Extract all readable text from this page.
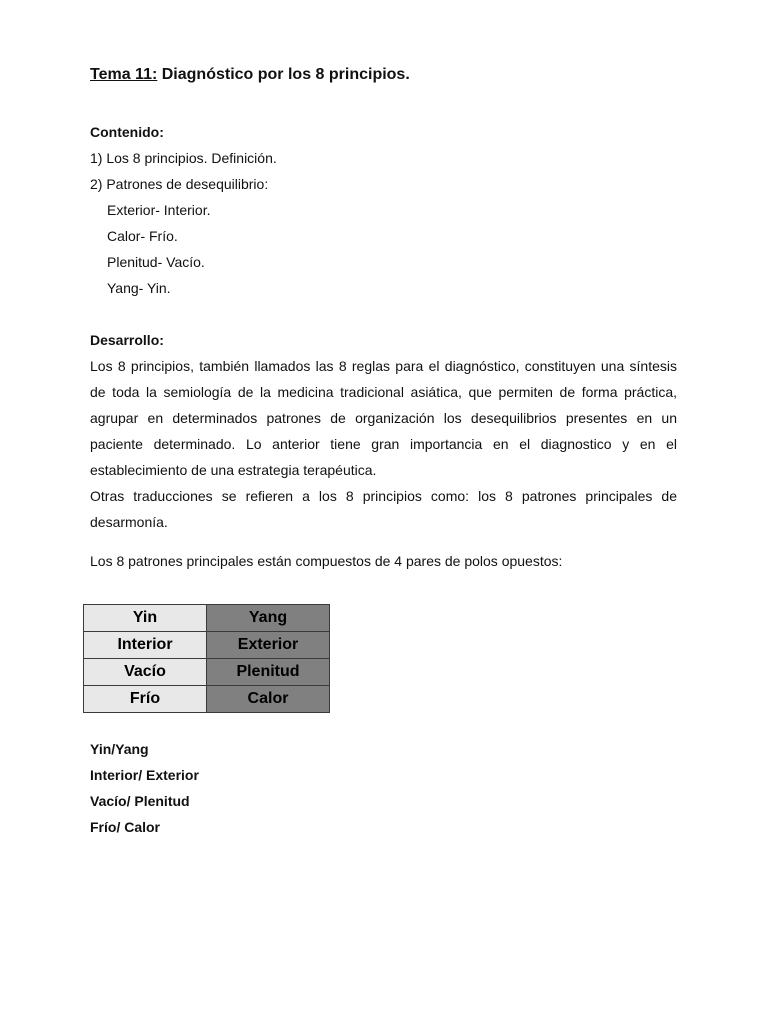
Tema 11: Diagnóstico por los 8 principios.
Contenido:
1) Los 8 principios. Definición.
2) Patrones de desequilibrio:
Exterior- Interior.
Calor- Frío.
Plenitud- Vacío.
Yang- Yin.
Desarrollo:
Los 8 principios, también llamados las 8 reglas para el diagnóstico, constituyen una síntesis de toda la semiología de la medicina tradicional asiática, que permiten de forma práctica, agrupar en determinados patrones de organización los desequilibrios presentes en un paciente determinado. Lo anterior tiene gran importancia en el diagnostico y en el establecimiento de una estrategia terapéutica.
Otras traducciones se refieren a los 8 principios como: los 8 patrones principales de desarmonía.
Los 8 patrones principales están compuestos de 4 pares de polos opuestos:
Yin	Yang
Interior	Exterior
Vacío	Plenitud
Frío	Calor
Yin/Yang
Interior/ Exterior
Vacío/ Plenitud
Frío/ Calor
